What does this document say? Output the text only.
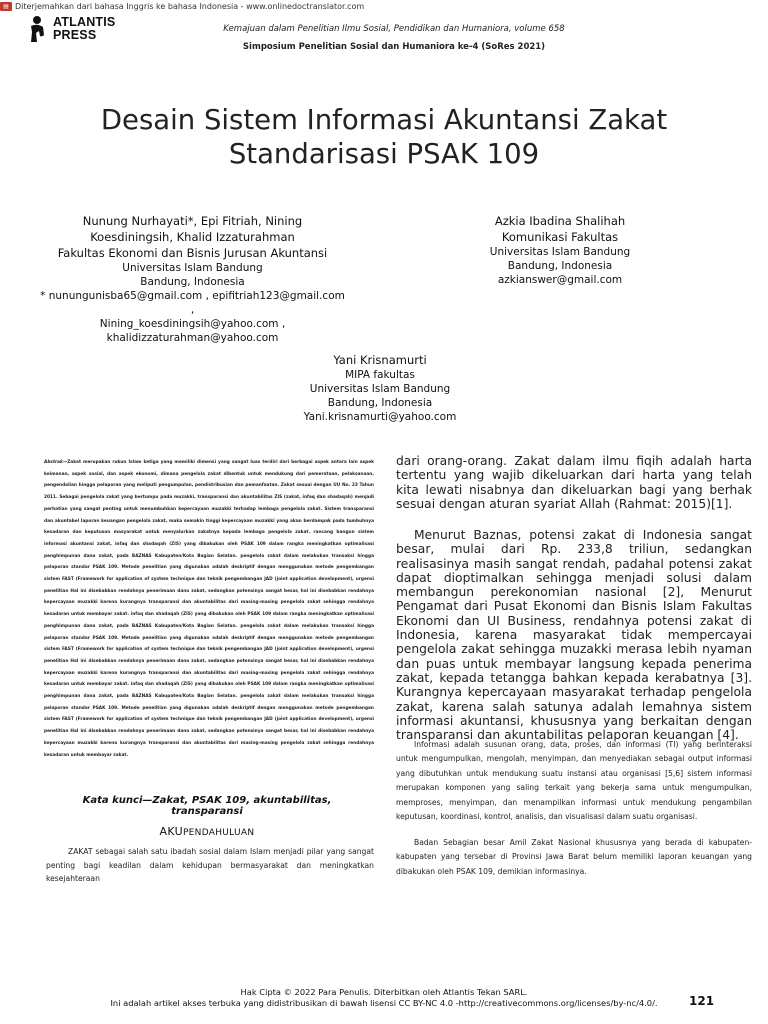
▤ Diterjemahkan dari bahasa Inggris ke bahasa Indonesia - www.onlinedoctranslator.com
ATLANTIS
PRESS	Kemajuan dalam Penelitian Ilmu Sosial, Pendidikan dan Humaniora, volume 658
Simposium Penelitian Sosial dan Humaniora ke-4 (SoRes 2021)
Desain Sistem Informasi Akuntansi Zakat
Standarisasi PSAK 109
Nunung Nurhayati*, Epi Fitriah, Nining
Koesdiningsih, Khalid Izzaturahman
Fakultas Ekonomi dan Bisnis Jurusan Akuntansi
Universitas Islam Bandung
Bandung, Indonesia
* nunungunisba65@gmail.com , epifitriah123@gmail.com ,
Nining_koesdiningsih@yahoo.com ,
khalidizzaturahman@yahoo.com
Azkia Ibadina Shalihah
Komunikasi Fakultas
Universitas Islam Bandung
Bandung, Indonesia
azkianswer@gmail.com
Yani Krisnamurti
MIPA fakultas
Universitas Islam Bandung
Bandung, Indonesia
Yani.krisnamurti@yahoo.com
Abstrak—Zakat merupakan rukun Islam ketiga yang memiliki dimensi yang sangat luas terdiri dari berbagai aspek antara lain aspek keimanan, aspek sosial, dan aspek ekonomi, dimana pengelola zakat dibentuk untuk mendukung dari pemerataan, pelaksanaan, pengendalian hingga pelaporan yang meliputi pengumpulan, pendistribusian dan pemanfaatan. Zakat sesuai dengan UU No. 23 Tahun 2011. Sebagai pengelola zakat yang bertumpu pada muzakki, transparansi dan akuntabilitas ZIS (zakat, infaq dan shadaqah) menjadi perhatian yang sangat penting untuk menumbuhkan kepercayaan muzakki terhadap lembaga pengelola zakat. Sistem transparansi dan akuntabel laporan keuangan pengelola zakat, maka semakin tinggi kepercayaan muzakki yang akan berdampak pada tumbuhnya kesadaran dan keputusan masyarakat untuk menyalurkan zakatnya kepada lembaga pengelola zakat. rancang bangun sistem informasi akuntansi zakat, infaq dan shadaqah (ZIS) yang dibakukan oleh PSAK 109 dalam rangka meningkatkan optimalisasi penghimpunan dana zakat, pada BAZNAS Kabupaten/Kota Bagian Selatan. pengelola zakat dalam melakukan transaksi hingga pelaporan standar PSAK 109. Metode penelitian yang digunakan adalah deskriptif dengan menggunakan metode pengembangan sistem FAST (Framework for application of system technique dan teknik pengembangan JAD (joint application development), urgensi penelitian Hal ini disebabkan rendahnya penerimaan dana zakat, sedangkan potensinya sangat besar, hal ini disebabkan rendahnya kepercayaan muzakki karena kurangnya transparansi dan akuntabilitas dari masing-masing pengelola zakat sehingga rendahnya kesadaran untuk membayar zakat. infaq dan shadaqah (ZIS) yang dibakukan oleh PSAK 109 dalam rangka meningkatkan optimalisasi penghimpunan dana zakat, pada BAZNAS Kabupaten/Kota Bagian Selatan. pengelola zakat dalam melakukan transaksi hingga pelaporan standar PSAK 109. Metode penelitian yang digunakan adalah deskriptif dengan menggunakan metode pengembangan sistem FAST (Framework for application of system technique dan teknik pengembangan JAD (joint application development), urgensi penelitian Hal ini disebabkan rendahnya penerimaan dana zakat, sedangkan potensinya sangat besar, hal ini disebabkan rendahnya kepercayaan muzakki karena kurangnya transparansi dan akuntabilitas dari masing-masing pengelola zakat sehingga rendahnya kesadaran untuk membayar zakat. infaq dan shadaqah (ZIS) yang dibakukan oleh PSAK 109 dalam rangka meningkatkan optimalisasi penghimpunan dana zakat, pada BAZNAS Kabupaten/Kota Bagian Selatan. pengelola zakat dalam melakukan transaksi hingga pelaporan standar PSAK 109. Metode penelitian yang digunakan adalah deskriptif dengan menggunakan metode pengembangan sistem FAST (Framework for application of system technique dan teknik pengembangan JAD (joint application development), urgensi penelitian Hal ini disebabkan rendahnya penerimaan dana zakat, sedangkan potensinya sangat besar, hal ini disebabkan rendahnya kepercayaan muzakki karena kurangnya transparansi dan akuntabilitas dari masing-masing pengelola zakat sehingga rendahnya kesadaran untuk membayar zakat.
Kata kunci—Zakat, PSAK 109, akuntabilitas, transparansi
AKUPENDAHULUAN

ZAKAT sebagai salah satu ibadah sosial dalam Islam menjadi pilar yang sangat penting bagi keadilan dalam kehidupan bermasyarakat dan meningkatkan kesejahteraan

dari orang-orang. Zakat dalam ilmu fiqih adalah harta tertentu yang wajib dikeluarkan dari harta yang telah kita lewati nisabnya dan dikeluarkan bagi yang berhak sesuai dengan aturan syariat Allah (Rahmat: 2015)[1].

Menurut Baznas, potensi zakat di Indonesia sangat besar, mulai dari Rp. 233,8 triliun, sedangkan realisasinya masih sangat rendah, padahal potensi zakat dapat dioptimalkan sehingga menjadi solusi dalam membangun perekonomian nasional [2], Menurut Pengamat dari Pusat Ekonomi dan Bisnis Islam Fakultas Ekonomi dan UI Business, rendahnya potensi zakat di Indonesia, karena masyarakat tidak mempercayai pengelola zakat sehingga muzakki merasa lebih nyaman dan puas untuk membayar langsung kepada penerima zakat, kepada tetangga bahkan kepada kerabatnya [3]. Kurangnya kepercayaan masyarakat terhadap pengelola zakat, karena salah satunya adalah lemahnya sistem informasi akuntansi, khususnya yang berkaitan dengan transparansi dan akuntabilitas pelaporan keuangan [4].

Informasi adalah susunan orang, data, proses, dan informasi (TI) yang berinteraksi untuk mengumpulkan, mengolah, menyimpan, dan menyediakan sebagai output informasi yang dibutuhkan untuk mendukung suatu instansi atau organisasi [5,6] sistem informasi merupakan komponen yang saling terkait yang bekerja sama untuk mengumpulkan, memproses, menyimpan, dan menampilkan informasi untuk mendukung pengambilan keputusan, koordinasi, kontrol, analisis, dan visualisasi dalam suatu organisasi.

Badan Sebagian besar Amil Zakat Nasional khususnya yang berada di kabupaten-kabupaten yang tersebar di Provinsi Jawa Barat belum memiliki laporan keuangan yang dibakukan oleh PSAK 109, demikian informasinya.

Hak Cipta © 2022 Para Penulis. Diterbitkan oleh Atlantis Tekan SARL.
Ini adalah artikel akses terbuka yang didistribusikan di bawah lisensi CC BY-NC 4.0 -http://creativecommons.org/licenses/by-nc/4.0/.	121
